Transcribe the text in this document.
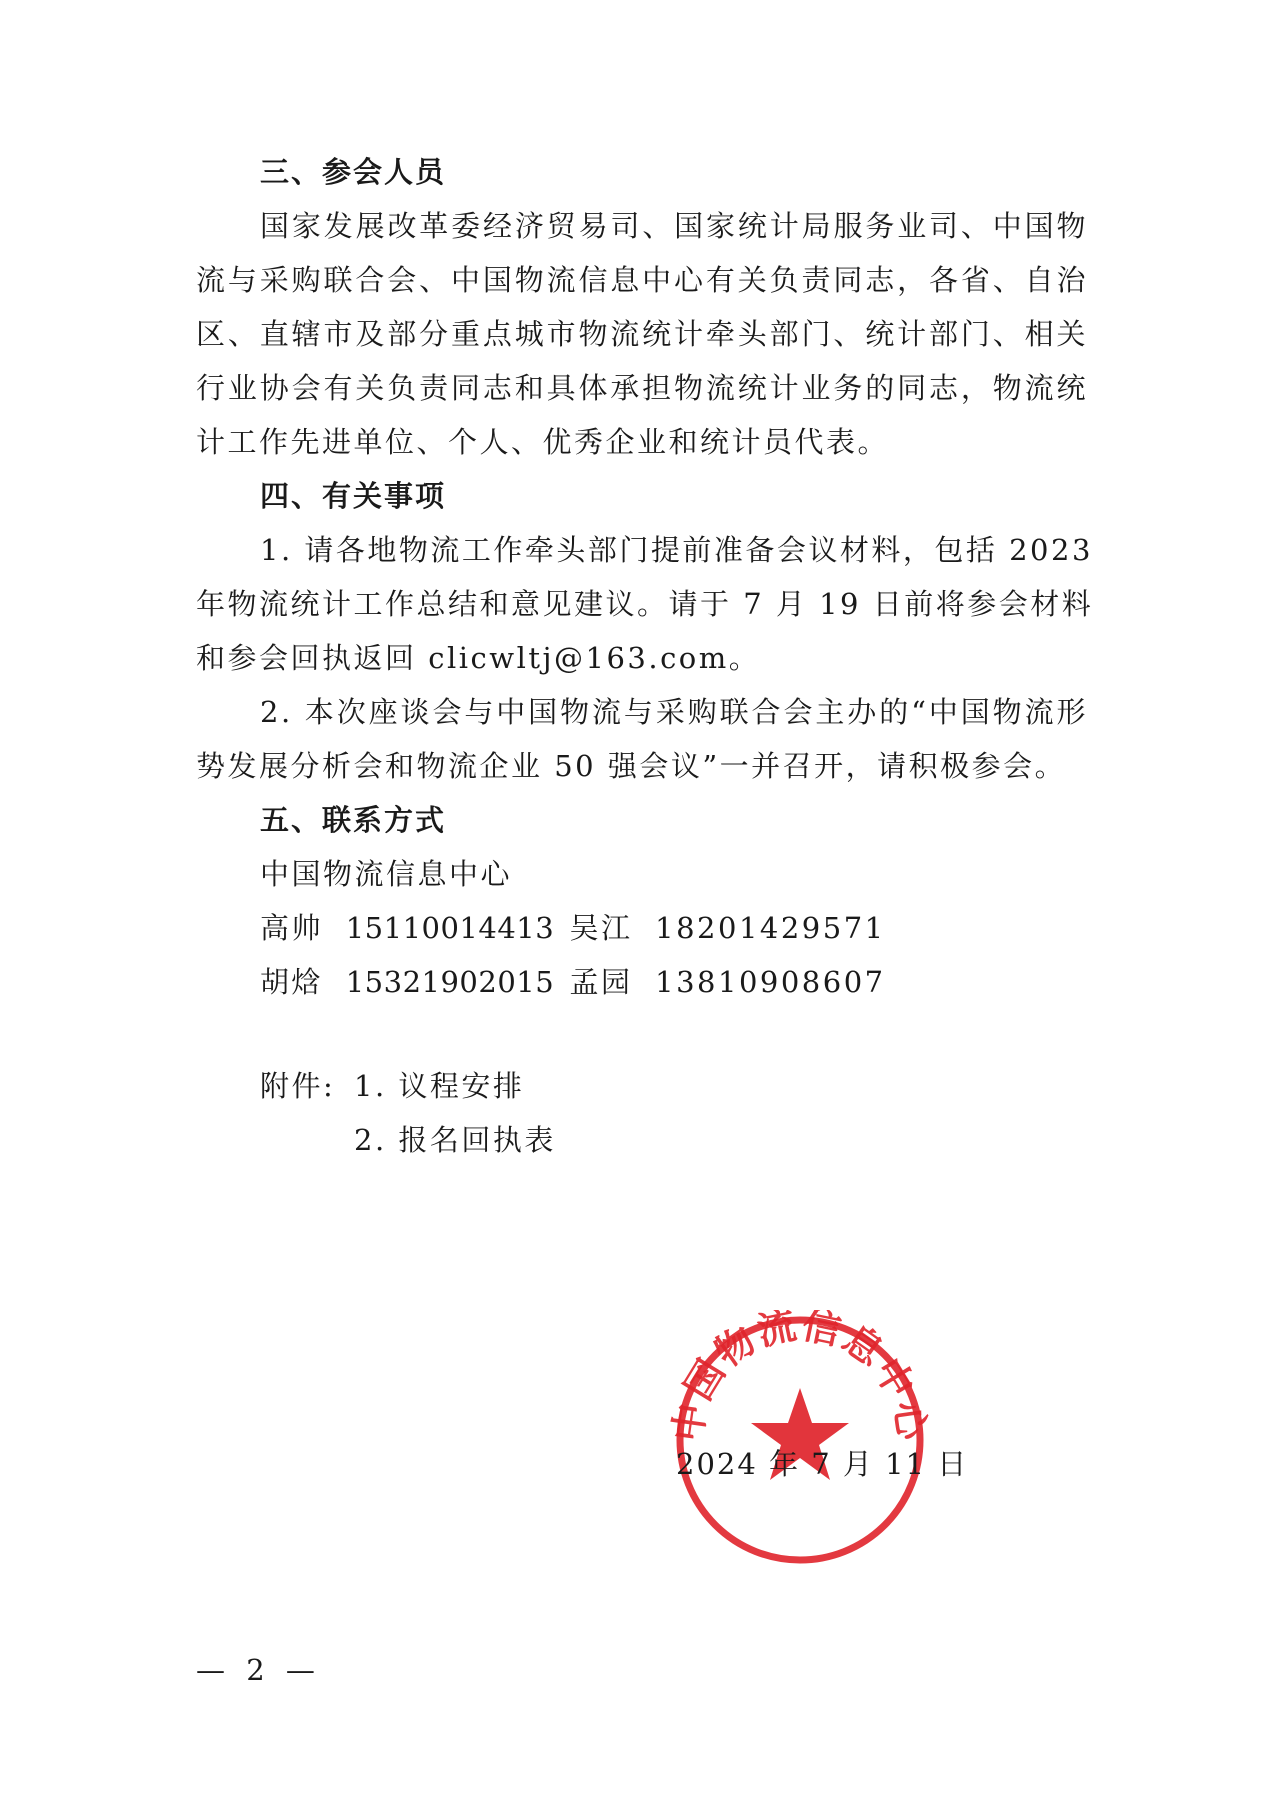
三、参会人员
国家发展改革委经济贸易司、国家统计局服务业司、中国物
流与采购联合会、中国物流信息中心有关负责同志，各省、自治
区、直辖市及部分重点城市物流统计牵头部门、统计部门、相关
行业协会有关负责同志和具体承担物流统计业务的同志，物流统
计工作先进单位、个人、优秀企业和统计员代表。
四、有关事项
1. 请各地物流工作牵头部门提前准备会议材料，包括 2023
年物流统计工作总结和意见建议。请于 7 月 19 日前将参会材料
和参会回执返回 clicwltj@163.com。
2. 本次座谈会与中国物流与采购联合会主办的“中国物流形
势发展分析会和物流企业 50 强会议”一并召开，请积极参会。
五、联系方式
中国物流信息中心
高帅 15110014413 吴江 18201429571
胡焓 15321902015 孟园 13810908607
附件: 1. 议程安排
2. 报名回执表
中国物流信息中心
2024 年 7 月 11 日
— 2 —
